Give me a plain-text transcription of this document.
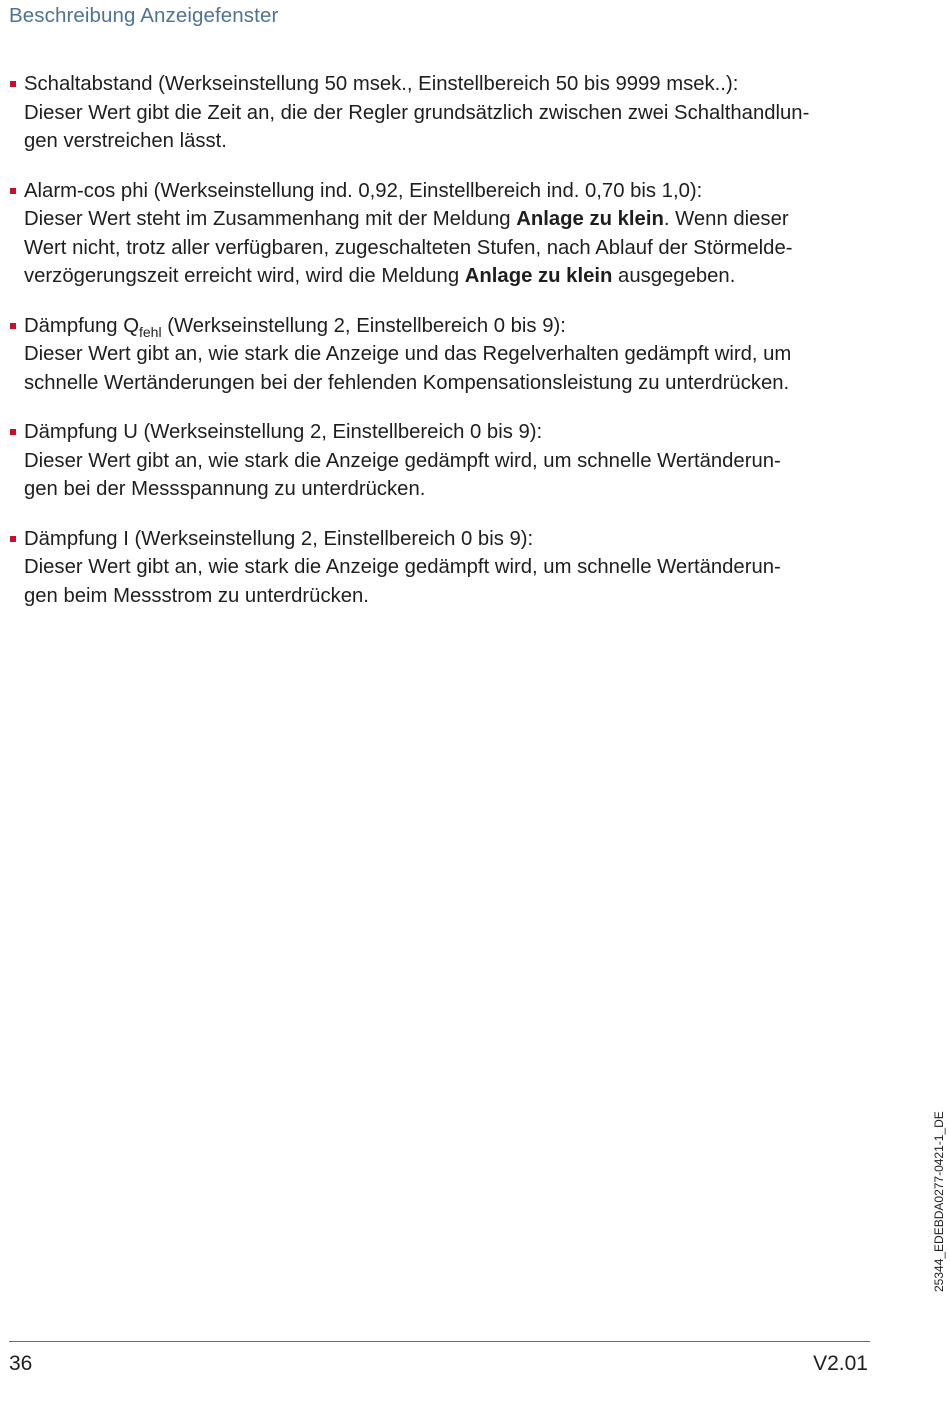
Beschreibung Anzeigefenster
Schaltabstand (Werkseinstellung 50 msek., Einstellbereich 50 bis 9999 msek..):
Dieser Wert gibt die Zeit an, die der Regler grundsätzlich zwischen zwei Schalthandlun-
gen verstreichen lässt.
Alarm-cos phi (Werkseinstellung ind. 0,92, Einstellbereich ind. 0,70 bis 1,0):
Dieser Wert steht im Zusammenhang mit der Meldung Anlage zu klein. Wenn dieser
Wert nicht, trotz aller verfügbaren, zugeschalteten Stufen, nach Ablauf der Störmelde-
verzögerungszeit erreicht wird, wird die Meldung Anlage zu klein ausgegeben.
Dämpfung $Q_{fehl}$ (Werkseinstellung 2, Einstellbereich 0 bis 9):
Dieser Wert gibt an, wie stark die Anzeige und das Regelverhalten gedämpft wird, um
schnelle Wertänderungen bei der fehlenden Kompensationsleistung zu unterdrücken.
Dämpfung U (Werkseinstellung 2, Einstellbereich 0 bis 9):
Dieser Wert gibt an, wie stark die Anzeige gedämpft wird, um schnelle Wertänderun-
gen bei der Messspannung zu unterdrücken.
Dämpfung I (Werkseinstellung 2, Einstellbereich 0 bis 9):
Dieser Wert gibt an, wie stark die Anzeige gedämpft wird, um schnelle Wertänderun-
gen beim Messstrom zu unterdrücken.
25344_EDEBDA0277-0421-1_DE
36	V2.01
